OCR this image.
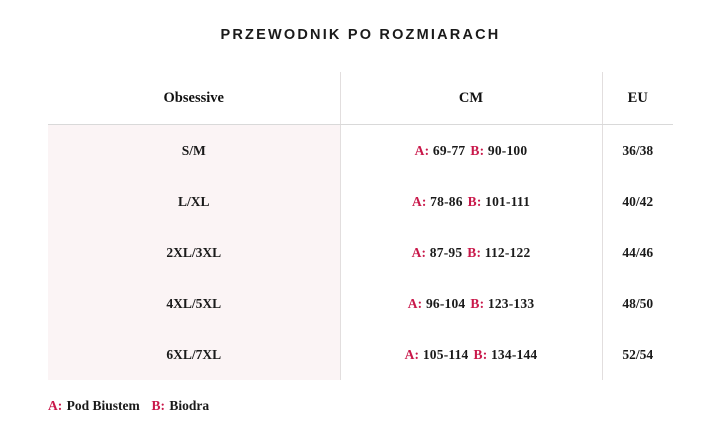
PRZEWODNIK PO ROZMIARACH
Obsessive	CM	EU
S/M	A: 69-77 B: 90-100	36/38
L/XL	A: 78-86 B: 101-111	40/42
2XL/3XL	A: 87-95 B: 112-122	44/46
4XL/5XL	A: 96-104 B: 123-133	48/50
6XL/7XL	A: 105-114 B: 134-144	52/54
A: Pod Biustem B: Biodra
